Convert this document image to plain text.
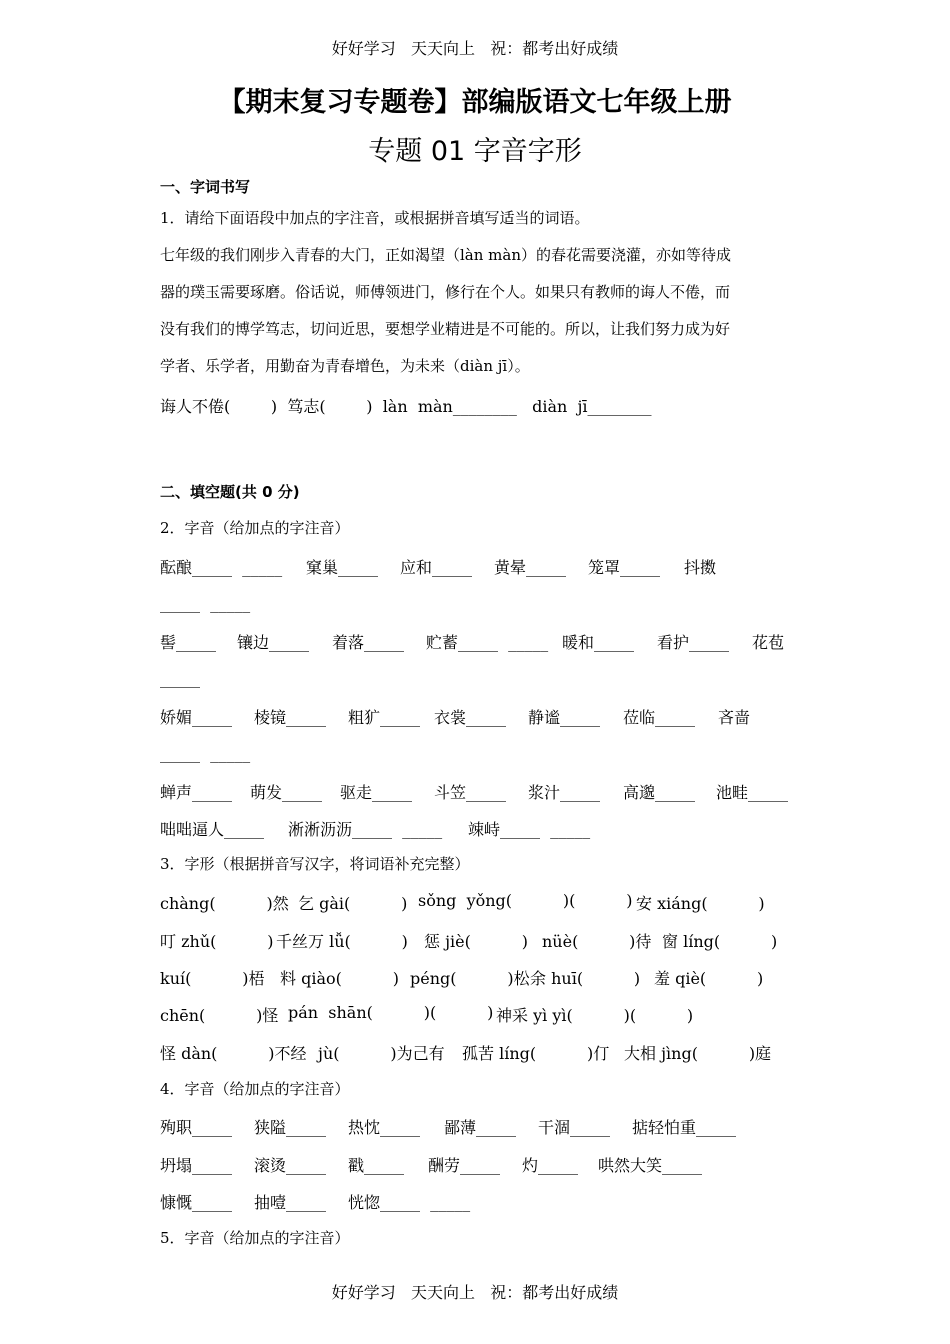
好好学习   天天向上   祝：都考出好成绩
【期末复习专题卷】部编版语文七年级上册
专题 01 字音字形
一、字词书写
1．请给下面语段中加点的字注音，或根据拼音填写适当的词语。
七年级的我们刚步入青春的大门，正如渴望（làn màn）的春花需要浇灌，亦如等待成
器的璞玉需要琢磨。俗话说，师傅领进门，修行在个人。如果只有教师的诲人不倦，而
没有我们的博学笃志，切问近思，要想学业精进是不可能的。所以，让我们努力成为好
学者、乐学者，用勤奋为青春增色，为未来（diàn jī）。
诲人不倦(        )  笃志(        )  làn  màn________   diàn  jī________
二、填空题(共 0 分)
2．字音（给加点的字注音）
酝酿_____  _____ 窠巢_____ 应和_____ 黄晕_____ 笼罩_____ 抖擞
_____  _____
髻_____ 镶边_____ 着落_____ 贮蓄_____  _____ 暖和_____ 看护_____ 花苞
_____
娇媚_____ 棱镜_____ 粗犷_____ 衣裳_____ 静谧_____ 莅临_____ 吝啬
_____  _____
蝉声_____ 萌发_____ 驱走_____ 斗笠_____ 浆汁_____ 高邈_____ 池畦_____
咄咄逼人_____ 淅淅沥沥_____  _____ 竦峙_____  _____
3．字形（根据拼音写汉字，将词语补充完整）
chàng(          )然 乞 gài(          ) sǒng  yǒng(          )(          ) 安 xiáng(          )
叮 zhǔ(          ) 千丝万 lǚ(          ) 惩 jiè(          ) nüè(          )待 窗 líng(          )
kuí(          )梧 料 qiào(          ) péng(          )松 余 huī(          ) 羞 qiè(          )
chēn(          )怪 pán  shān(          )(          ) 神采 yì yì(          )(          )
怪 dàn(          )不经 jù(          )为己有 孤苦 líng(          )仃 大相 jìng(          )庭
4．字音（给加点的字注音）
殉职_____ 狭隘_____ 热忱_____ 鄙薄_____ 干涸_____ 掂轻怕重_____
坍塌_____ 滚烫_____ 戳_____ 酬劳_____ 灼_____ 哄然大笑_____
慷慨_____ 抽噎_____ 恍惚_____  _____
5．字音（给加点的字注音）
好好学习   天天向上   祝：都考出好成绩
